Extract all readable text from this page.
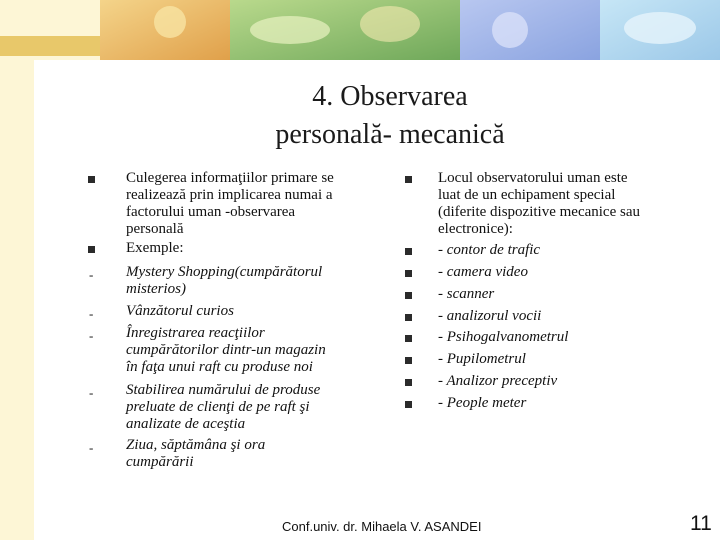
4. Observarea
personală- mecanică
Culegerea informaţiilor primare se
realizează prin implicarea numai a
factorului uman -observarea
personală
Exemple:
- Mystery Shopping(cumpărătorul
misterios)
- Vânzătorul curios
- Înregistrarea reacţiilor
cumpărătorilor dintr-un magazin
în faţa unui raft cu produse noi
- Stabilirea numărului de produse
preluate de clienţi de pe raft şi
analizate de aceştia
- Ziua, săptămâna şi ora
cumpărării
Locul observatorului uman este
luat de un echipament special
(diferite dispozitive mecanice sau
electronice):
- contor de trafic
- camera video
- scanner
- analizorul vocii
- Psihogalvanometrul
- Pupilometrul
- Analizor preceptiv
- People meter
Conf.univ. dr. Mihaela V. ASANDEI	11
